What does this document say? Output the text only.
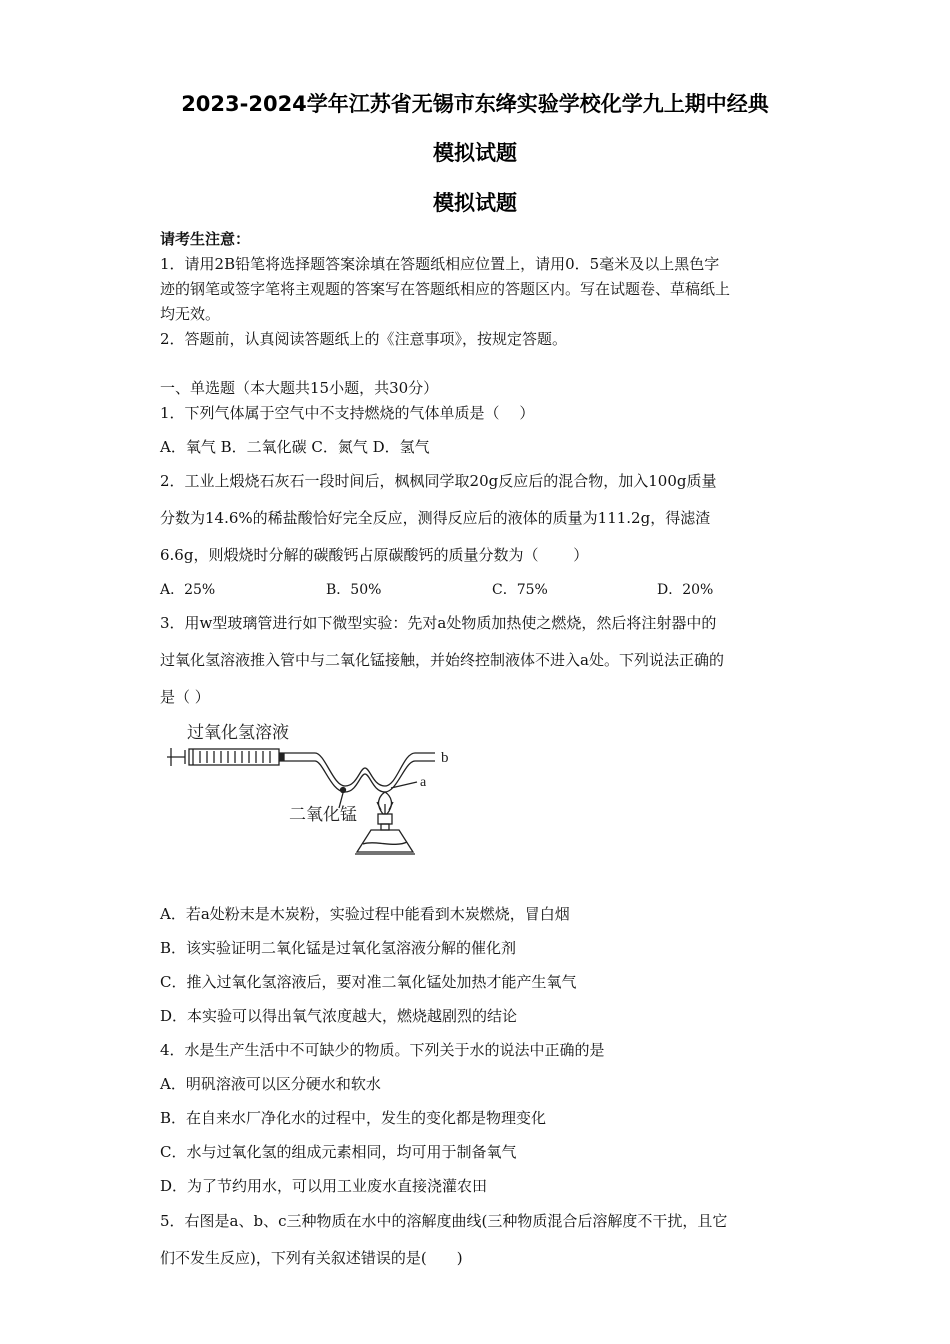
2023-2024学年江苏省无锡市东绛实验学校化学九上期中经典
模拟试题
模拟试题
请考生注意：
1．请用2B铅笔将选择题答案涂填在答题纸相应位置上，请用0．5毫米及以上黑色字
迹的钢笔或签字笔将主观题的答案写在答题纸相应的答题区内。写在试题卷、草稿纸上
均无效。
2．答题前，认真阅读答题纸上的《注意事项》，按规定答题。
一、单选题（本大题共15小题，共30分）
1．下列气体属于空气中不支持燃烧的气体单质是（　 ）
A．氧气 B．二氧化碳 C．氮气 D．氢气
2．工业上煅烧石灰石一段时间后，枫枫同学取20g反应后的混合物，加入100g质量
分数为14.6%的稀盐酸恰好完全反应，测得反应后的液体的质量为111.2g，得滤渣
6.6g，则煅烧时分解的碳酸钙占原碳酸钙的质量分数为（　　 ）
A．25%	B．50%	C．75%	D．20%
3．用w型玻璃管进行如下微型实验：先对a处物质加热使之燃烧，然后将注射器中的
过氧化氢溶液推入管中与二氧化锰接触，并始终控制液体不进入a处。下列说法正确的
是（ ）
过氧化氢溶液
二氧化锰
a
b
A．若a处粉末是木炭粉，实验过程中能看到木炭燃烧，冒白烟
B．该实验证明二氧化锰是过氧化氢溶液分解的催化剂
C．推入过氧化氢溶液后，要对准二氧化锰处加热才能产生氧气
D．本实验可以得出氧气浓度越大，燃烧越剧烈的结论
4．水是生产生活中不可缺少的物质。下列关于水的说法中正确的是
A．明矾溶液可以区分硬水和软水
B．在自来水厂净化水的过程中，发生的变化都是物理变化
C．水与过氧化氢的组成元素相同，均可用于制备氧气
D．为了节约用水，可以用工业废水直接浇灌农田
5．右图是a、b、c三种物质在水中的溶解度曲线(三种物质混合后溶解度不干扰，且它
们不发生反应)，下列有关叙述错误的是(　　)
